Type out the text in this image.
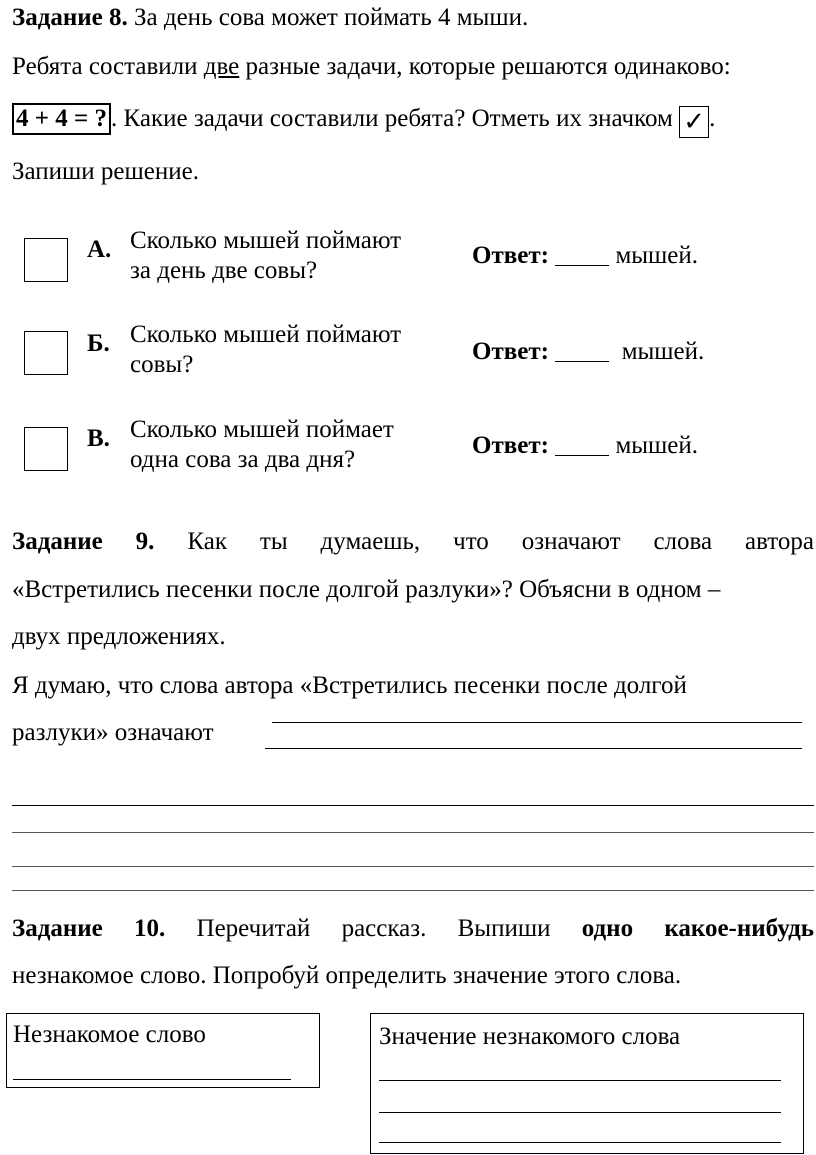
Задание 8. За день сова может поймать 4 мыши.
Ребята составили две разные задачи, которые решаются одинаково:
4 + 4 = ? . Какие задачи составили ребята? Отметь их значком ✓ .
Запиши решение.
А. Сколько мышей поймают
за день две совы?
Ответ:	мышей.
Б. Сколько мышей поймают
совы?	Ответ:	мышей.
В. Сколько мышей поймает
одна сова за два дня?
Ответ:	мышей.
Задание 9. Как ты думаешь, что означают слова автора
«Встретились песенки после долгой разлуки»? Объясни в одном –
двух предложениях.
Я думаю, что слова автора «Встретились песенки после долгой
разлуки» означают
Задание 10. Перечитай рассказ. Выпиши одно какое-нибудь
незнакомое слово. Попробуй определить значение этого слова.
Незнакомое слово	Значение незнакомого слова
